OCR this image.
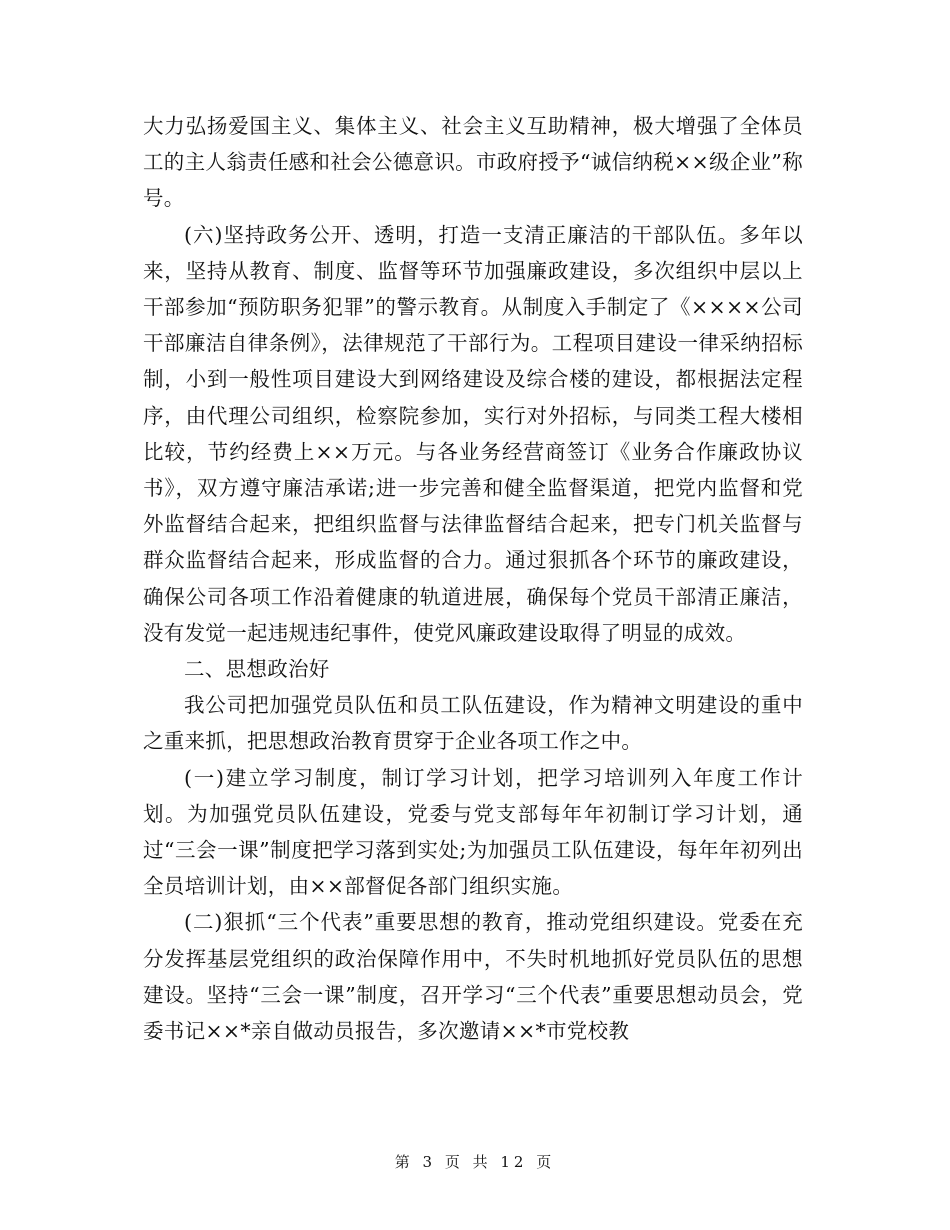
大力弘扬爱国主义、集体主义、社会主义互助精神，极大增强了全体员工的主人翁责任感和社会公德意识。市政府授予“诚信纳税××级企业”称号。

(六)坚持政务公开、透明，打造一支清正廉洁的干部队伍。多年以来，坚持从教育、制度、监督等环节加强廉政建设，多次组织中层以上干部参加“预防职务犯罪”的警示教育。从制度入手制定了《××××公司干部廉洁自律条例》，法律规范了干部行为。工程项目建设一律采纳招标制，小到一般性项目建设大到网络建设及综合楼的建设，都根据法定程序，由代理公司组织，检察院参加，实行对外招标，与同类工程大楼相比较，节约经费上××万元。与各业务经营商签订《业务合作廉政协议书》，双方遵守廉洁承诺;进一步完善和健全监督渠道，把党内监督和党外监督结合起来，把组织监督与法律监督结合起来，把专门机关监督与群众监督结合起来，形成监督的合力。通过狠抓各个环节的廉政建设，确保公司各项工作沿着健康的轨道进展，确保每个党员干部清正廉洁，没有发觉一起违规违纪事件，使党风廉政建设取得了明显的成效。

二、思想政治好

我公司把加强党员队伍和员工队伍建设，作为精神文明建设的重中之重来抓，把思想政治教育贯穿于企业各项工作之中。

(一)建立学习制度，制订学习计划，把学习培训列入年度工作计划。为加强党员队伍建设，党委与党支部每年年初制订学习计划，通过“三会一课”制度把学习落到实处;为加强员工队伍建设，每年年初列出全员培训计划，由××部督促各部门组织实施。

(二)狠抓“三个代表”重要思想的教育，推动党组织建设。党委在充分发挥基层党组织的政治保障作用中，不失时机地抓好党员队伍的思想建设。坚持“三会一课”制度，召开学习“三个代表”重要思想动员会，党委书记××*亲自做动员报告，多次邀请××*市党校教

第 3 页 共 12 页
